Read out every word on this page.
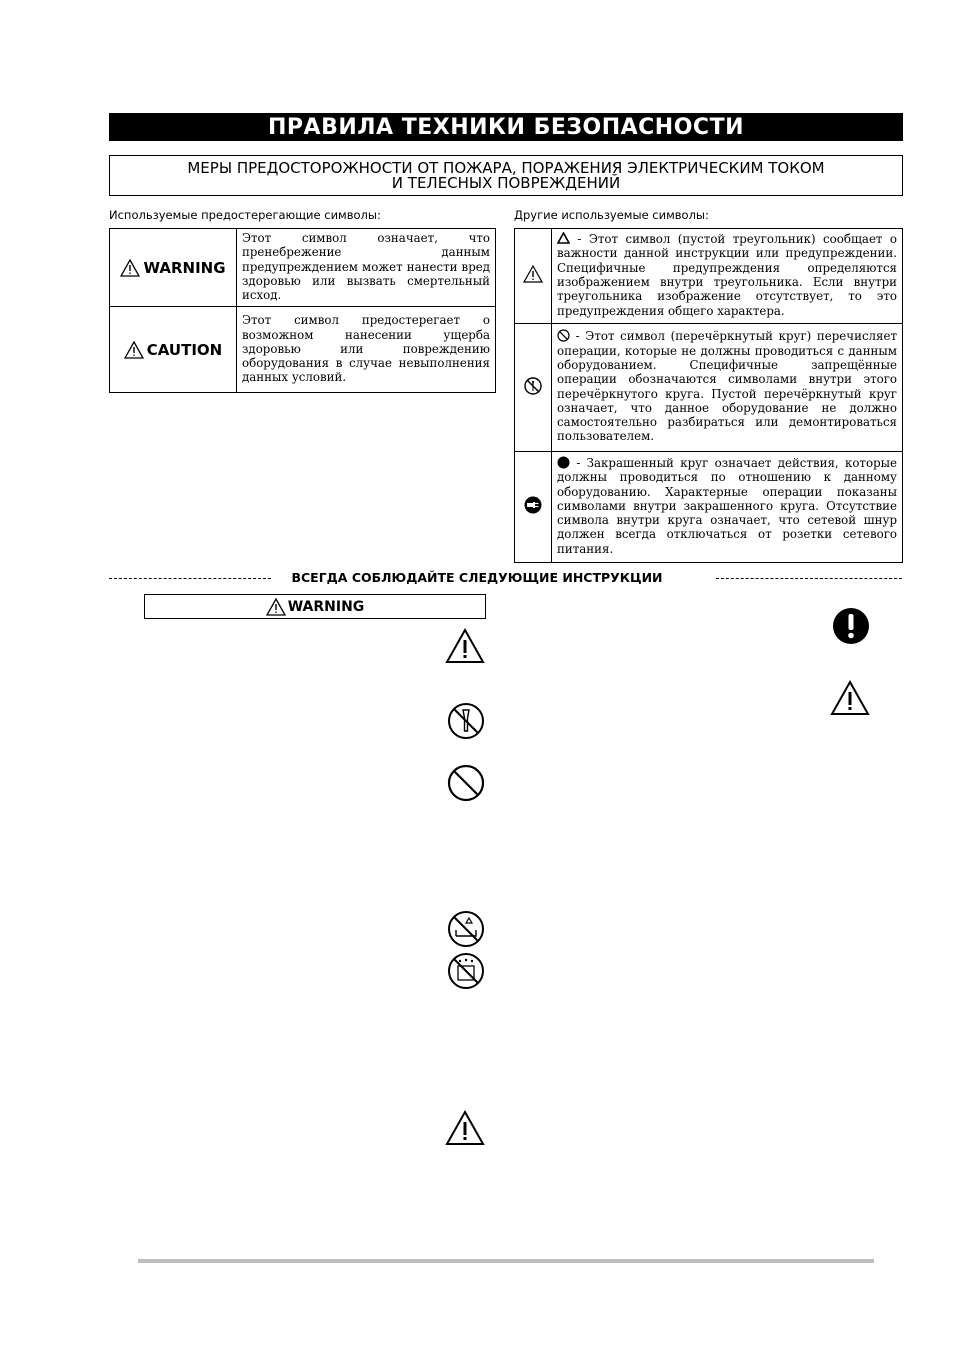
ПРАВИЛА ТЕХНИКИ БЕЗОПАСНОСТИ
МЕРЫ ПРЕДОСТОРОЖНОСТИ ОТ ПОЖАРА, ПОРАЖЕНИЯ ЭЛЕКТРИЧЕСКИМ ТОКОМ
И ТЕЛЕСНЫХ ПОВРЕЖДЕНИЙ
Используемые предостерегающие символы:
WARNING	Этот символ означает, что пренебрежение данным предупреждением может нанести вред здоровью или вызвать смертельный исход.

CAUTION	Этот символ предостерегает о возможном нанесении ущерба здоровью или повреждению оборудования в случае невыполнения данных условий.
Другие используемые символы:
	- Этот символ (пустой треугольник) сообщает о важности данной инструкции или предупреждении. Специфичные предупреждения определяются изображением внутри треугольника. Если внутри треугольника изображение отсутствует, то это предупреждения общего характера.
	- Этот символ (перечёркнутый круг) перечисляет операции, которые не должны проводиться с данным оборудованием. Специфичные запрещённые операции обозначаются символами внутри этого перечёркнутого круга. Пустой перечёркнутый круг означает, что данное оборудование не должно самостоятельно разбираться или демонтироваться пользователем.
	- Закрашенный круг означает действия, которые должны проводиться по отношению к данному оборудованию. Характерные операции показаны символами внутри закрашенного круга. Отсутствие символа внутри круга означает, что сетевой шнур должен всегда отключаться от розетки сетевого питания.
ВСЕГДА СОБЛЮДАЙТЕ СЛЕДУЮЩИЕ ИНСТРУКЦИИ
WARNING
